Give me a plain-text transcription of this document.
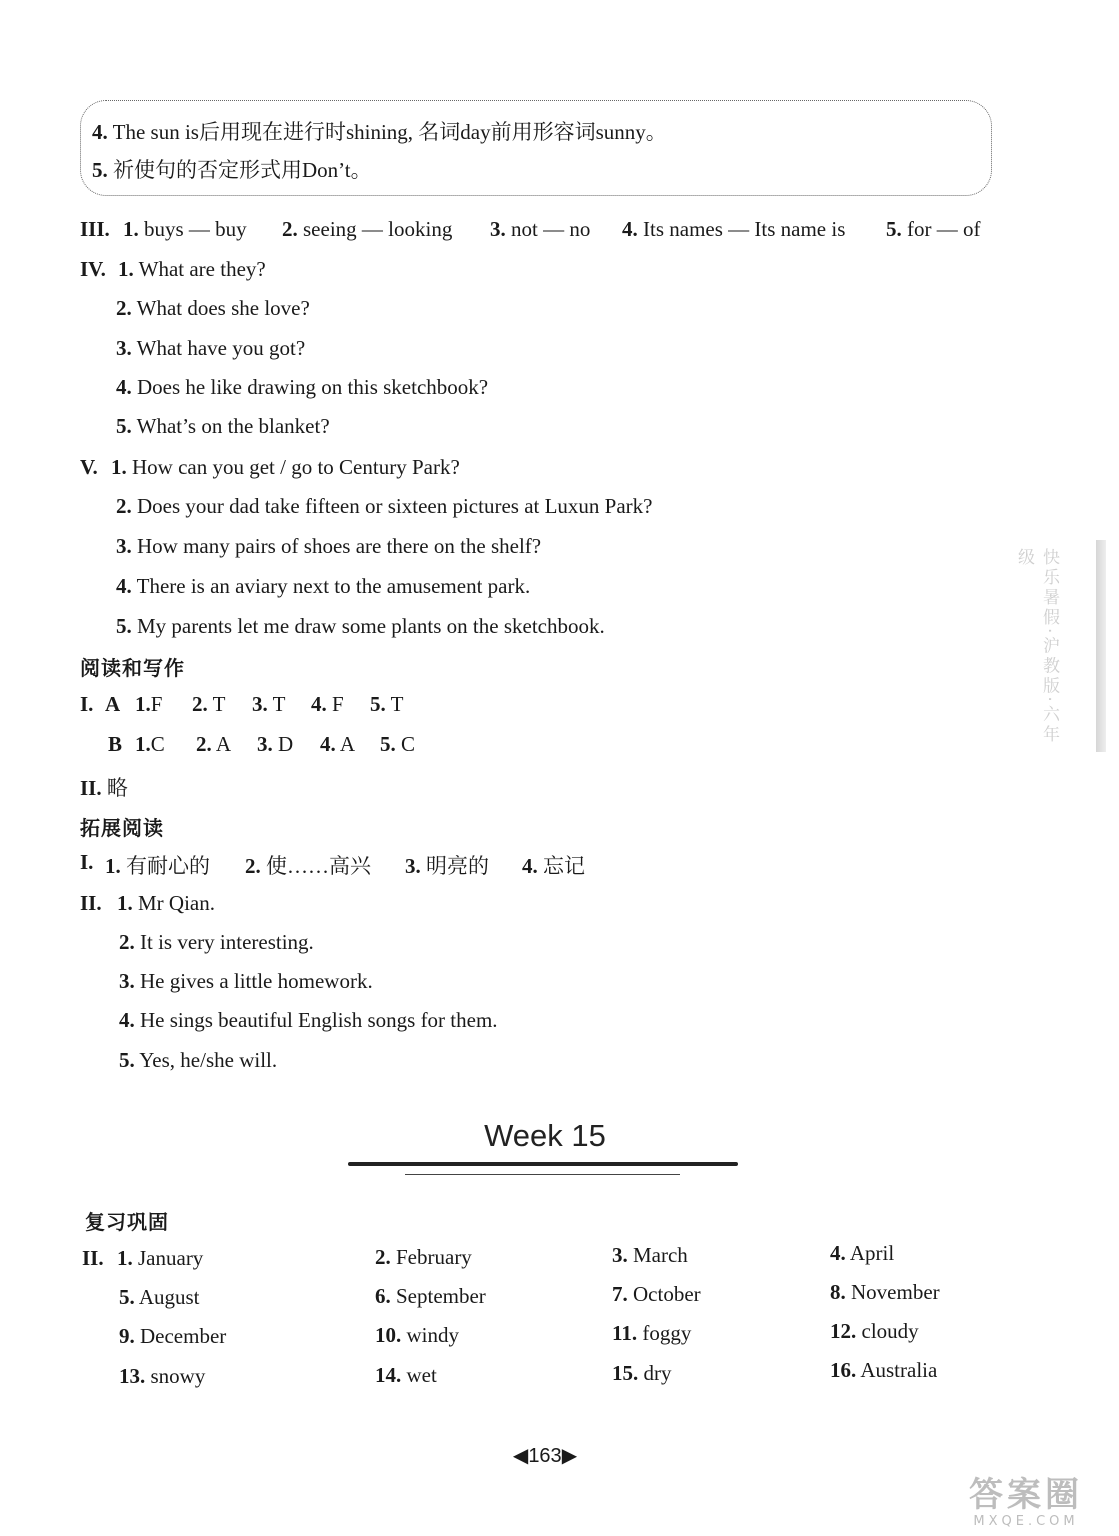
4. The sun is后用现在进行时shining, 名词day前用形容词sunny。
5. 祈使句的否定形式用Don’t。
III. 1. buys — buy 2. seeing — looking 3. not — no 4. Its names — Its name is 5. for — of
IV. 1. What are they?
2. What does she love?
3. What have you got?
4. Does he like drawing on this sketchbook?
5. What’s on the blanket?
V. 1. How can you get / go to Century Park?
2. Does your dad take fifteen or sixteen pictures at Luxun Park?
3. How many pairs of shoes are there on the shelf?
4. There is an aviary next to the amusement park.
5. My parents let me draw some plants on the sketchbook.
阅读和写作
I. A 1.F 2. T 3. T 4. F 5. T
B 1.C 2. A 3. D 4. A 5. C
II. 略
拓展阅读
I. 1. 有耐心的 2. 使……高兴 3. 明亮的 4. 忘记
II. 1. Mr Qian.
2. It is very interesting.
3. He gives a little homework.
4. He sings beautiful English songs for them.
5. Yes, he/she will.
Week 15
复习巩固
II. 1. January	2. February	3. March	4. April
5. August	6. September	7. October	8. November
9. December	10. windy	11. foggy	12. cloudy
13. snowy	14. wet	15. dry	16. Australia
◀163▶
快乐暑假·沪教版·六年级
答案圈
MXQE.COM
